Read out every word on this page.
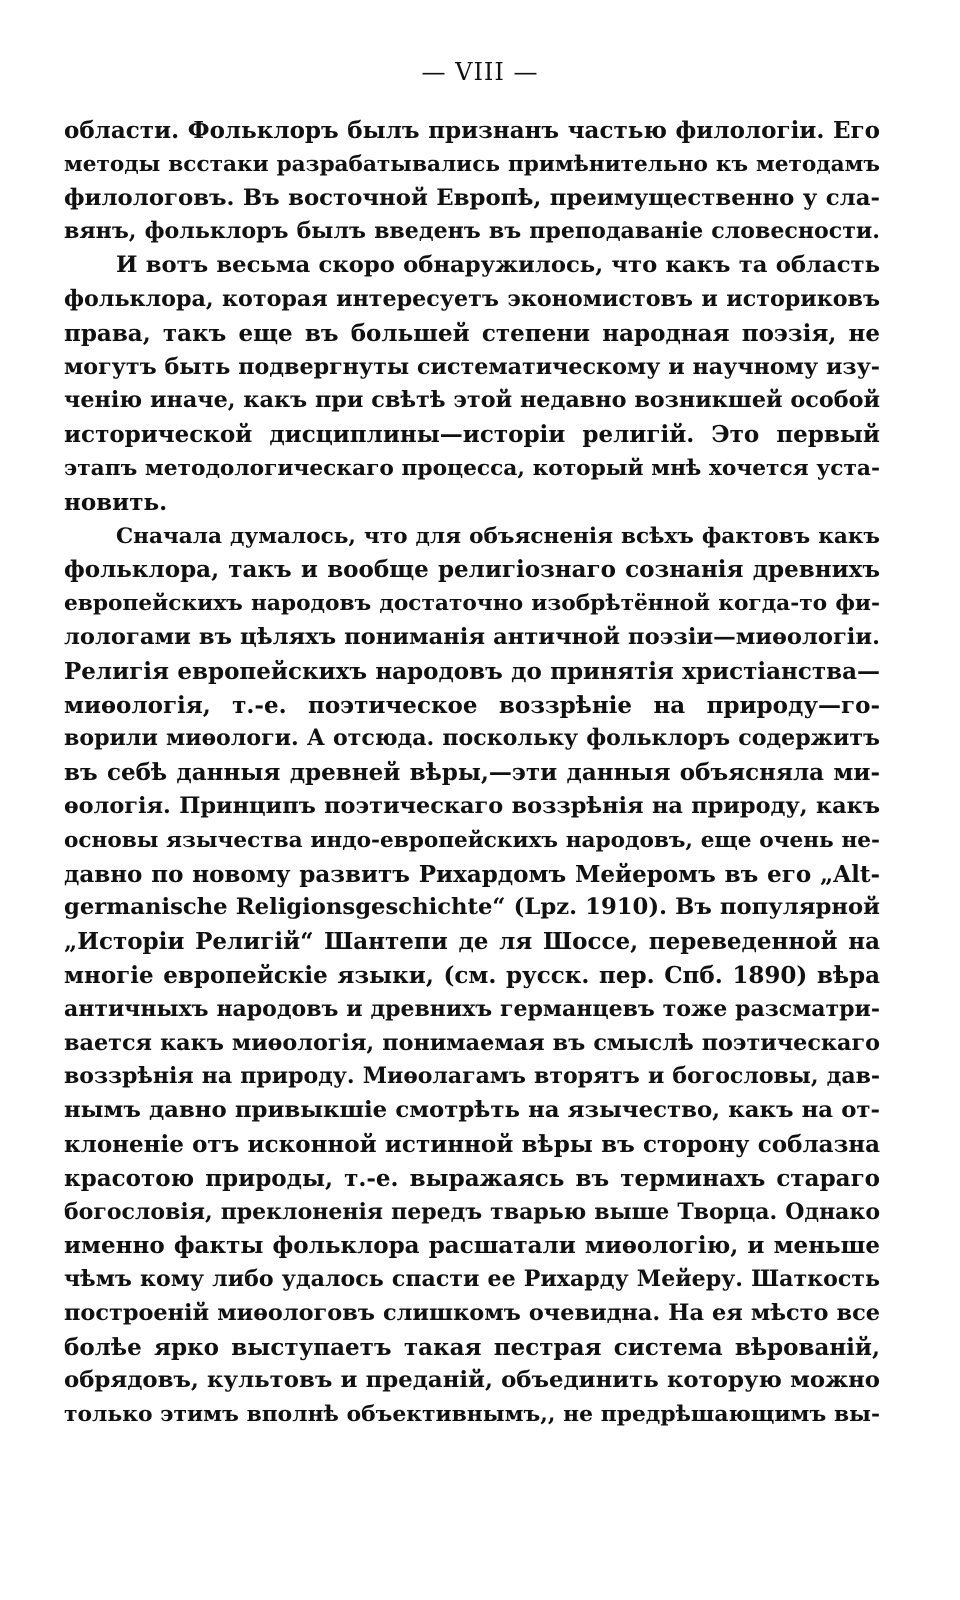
— VIII —
области. Фольклоръ былъ признанъ частью филологіи. Его
методы всстаки разрабатывались примѣнительно къ методамъ
филологовъ. Въ восточной Европѣ, преимущественно у сла-
вянъ, фольклоръ былъ введенъ въ преподаваніе словесности.
И вотъ весьма скоро обнаружилось, что какъ та область
фольклора, которая интересуетъ экономистовъ и историковъ
права, такъ еще въ большей степени народная поэзія, не
могутъ быть подвергнуты систематическому и научному изу-
ченію иначе, какъ при свѣтѣ этой недавно возникшей особой
исторической дисциплины—исторіи религій. Это первый
этапъ методологическаго процесса, который мнѣ хочется уста-
новить.
Сначала думалось, что для объясненія всѣхъ фактовъ какъ
фольклора, такъ и вообще религіознаго сознанія древнихъ
европейскихъ народовъ достаточно изобрѣтённой когда-то фи-
лологами въ цѣляхъ пониманія античной поэзіи—миѳологіи.
Религія европейскихъ народовъ до принятія христіанства—
миѳологія, т.-е. поэтическое воззрѣніе на природу—го-
ворили миѳологи. А отсюда. поскольку фольклоръ содержитъ
въ себѣ данныя древней вѣры,—эти данныя объясняла ми-
ѳологія. Принципъ поэтическаго воззрѣнія на природу, какъ
основы язычества индо-европейскихъ народовъ, еще очень не-
давно по новому развитъ Рихардомъ Мейеромъ въ его „Alt-
germanische Religionsgeschichte“ (Lpz. 1910). Въ популярной
„Исторіи Религій“ Шантепи де ля Шоссе, переведенной на
многіе европейскіе языки, (см. русск. пер. Спб. 1890) вѣра
античныхъ народовъ и древнихъ германцевъ тоже разсматри-
вается какъ миѳологія, понимаемая въ смыслѣ поэтическаго
воззрѣнія на природу. Миѳолагамъ вторятъ и богословы, дав-
нымъ давно привыкшіе смотрѣть на язычество, какъ на от-
клоненіе отъ исконной истинной вѣры въ сторону соблазна
красотою природы, т.-е. выражаясь въ терминахъ стараго
богословія, преклоненія передъ тварью выше Творца. Однако
именно факты фольклора расшатали миѳологію, и меньше
чѣмъ кому либо удалось спасти ее Рихарду Мейеру. Шаткость
построеній миѳологовъ слишкомъ очевидна. На ея мѣсто все
болѣе ярко выступаетъ такая пестрая система вѣрованій,
обрядовъ, культовъ и преданій, объединить которую можно
только этимъ вполнѣ объективнымъ,, не предрѣшающимъ вы-
